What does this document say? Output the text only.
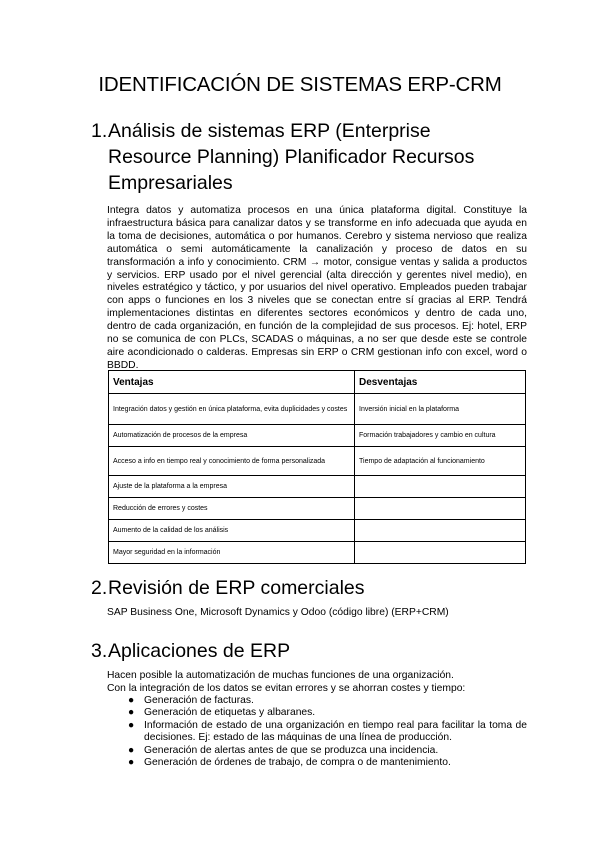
IDENTIFICACIÓN DE SISTEMAS ERP-CRM
1. Análisis de sistemas ERP (Enterprise Resource Planning) Planificador Recursos Empresariales
Integra datos y automatiza procesos en una única plataforma digital. Constituye la infraestructura básica para canalizar datos y se transforme en info adecuada que ayuda en la toma de decisiones, automática o por humanos. Cerebro y sistema nervioso que realiza automática o semi automáticamente la canalización y proceso de datos en su transformación a info y conocimiento. CRM → motor, consigue ventas y salida a productos y servicios. ERP usado por el nivel gerencial (alta dirección y gerentes nivel medio), en niveles estratégico y táctico, y por usuarios del nivel operativo. Empleados pueden trabajar con apps o funciones en los 3 niveles que se conectan entre sí gracias al ERP. Tendrá implementaciones distintas en diferentes sectores económicos y dentro de cada uno, dentro de cada organización, en función de la complejidad de sus procesos. Ej: hotel, ERP no se comunica de con PLCs, SCADAS o máquinas, a no ser que desde este se controle aire acondicionado o calderas. Empresas sin ERP o CRM gestionan info con excel, word o BBDD.
Ventajas	Desventajas
Integración datos y gestión en única plataforma, evita duplicidades y costes	Inversión inicial en la plataforma
Automatización de procesos de la empresa	Formación trabajadores y cambio en cultura
Acceso a info en tiempo real y conocimiento de forma personalizada	Tiempo de adaptación al funcionamiento
Ajuste de la plataforma a la empresa	
Reducción de errores y costes	
Aumento de la calidad de los análisis	
Mayor seguridad en la información	
2. Revisión de ERP comerciales
SAP Business One, Microsoft Dynamics y Odoo (código libre) (ERP+CRM)
3. Aplicaciones de ERP
Hacen posible la automatización de muchas funciones de una organización.
Con la integración de los datos se evitan errores y se ahorran costes y tiempo:
● Generación de facturas.
● Generación de etiquetas y albaranes.
● Información de estado de una organización en tiempo real para facilitar la toma de decisiones. Ej: estado de las máquinas de una línea de producción.
● Generación de alertas antes de que se produzca una incidencia.
● Generación de órdenes de trabajo, de compra o de mantenimiento.
